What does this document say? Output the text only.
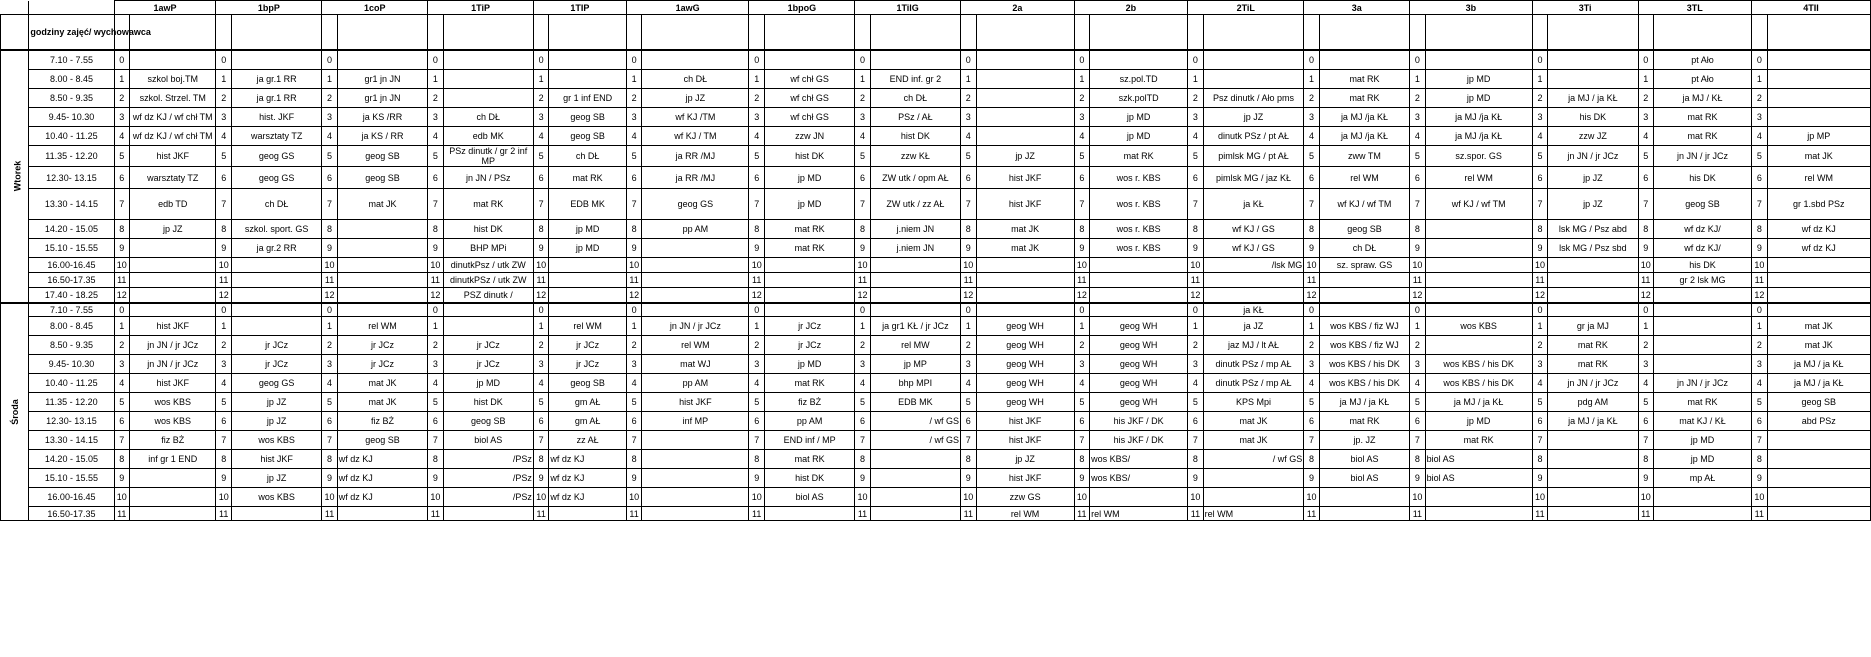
		1awP		1bpP		1coP		1TiP		1TIP		1awG		1bpoG		1TilG		2a		2b		2TiL		3a		3b		3Ti		3TL		4TII	
	godziny zajęć/ wychowawca																																
Wtorek	7.10 - 7.55	0		0		0		0		0		0		0		0		0		0		0		0		0		0		0	pt Ało	0	
	8.00 - 8.45	1	szkol boj.TM	1	ja gr.1 RR	1	gr1 jn JN	1		1		1	ch DŁ	1	wf chł GS	1	END inf. gr 2	1		1	sz.pol.TD	1		1	mat RK	1	jp MD	1		1	pt Ało	1	
	8.50 - 9.35	2	szkol. Strzel. TM	2	ja gr.1 RR	2	gr1 jn JN	2		2	gr 1 inf END	2	jp JZ	2	wf chł GS	2	ch DŁ	2		2	szk.polTD	2	Psz dinutk / Ało pms	2	mat RK	2	jp MD	2	ja MJ / ja KŁ	2	ja MJ / KŁ	2	
	9.45- 10.30	3	wf dz KJ / wf chł TM	3	hist. JKF	3	ja KS /RR	3	ch DŁ	3	geog SB	3	wf KJ /TM	3	wf chł GS	3	PSz / AŁ	3		3	jp MD	3	jp JZ	3	ja MJ /ja KŁ	3	ja MJ /ja KŁ	3	his DK	3	mat RK	3	
	10.40 - 11.25	4	wf dz KJ / wf chł TM	4	warsztaty TZ	4	ja KS / RR	4	edb MK	4	geog SB	4	wf KJ / TM	4	zzw JN	4	hist DK	4		4	jp MD	4	dinutk PSz / pt AŁ	4	ja MJ /ja KŁ	4	ja MJ /ja KŁ	4	zzw JZ	4	mat RK	4	jp MP
	11.35 - 12.20	5	hist JKF	5	geog GS	5	geog SB	5	PSz dinutk / gr 2 inf MP	5	ch DŁ	5	ja RR /MJ	5	hist DK	5	zzw KŁ	5	jp JZ	5	mat RK	5	pimlsk MG / pt AŁ	5	zww TM	5	sz.spor. GS	5	jn JN / jr JCz	5	jn JN / jr JCz	5	mat JK
	12.30- 13.15	6	warsztaty TZ	6	geog GS	6	geog SB	6	jn JN / PSz	6	mat RK	6	ja RR /MJ	6	jp MD	6	ZW utk / opm AŁ	6	hist JKF	6	wos r. KBS	6	pimlsk MG / jaz KŁ	6	rel WM	6	rel WM	6	jp JZ	6	his DK	6	rel WM
	13.30 - 14.15	7	edb TD	7	ch DŁ	7	mat JK	7	mat RK	7	EDB MK	7	geog GS	7	jp MD	7	ZW utk / zz AŁ	7	hist JKF	7	wos r. KBS	7	ja KŁ	7	wf KJ / wf TM	7	wf KJ / wf TM	7	jp JZ	7	geog SB	7	gr 1.sbd PSz
	14.20 - 15.05	8	jp JZ	8	szkol. sport. GS	8		8	hist DK	8	jp MD	8	pp AM	8	mat RK	8	j.niem JN	8	mat JK	8	wos r. KBS	8	wf KJ / GS	8	geog SB	8		8	lsk MG / Psz abd	8	wf dz KJ/	8	wf dz KJ
	15.10 - 15.55	9		9	ja gr.2 RR	9		9	BHP MPi	9	jp MD	9		9	mat RK	9	j.niem JN	9	mat JK	9	wos r. KBS	9	wf KJ / GS	9	ch DŁ	9		9	lsk MG / Psz sbd	9	wf dz KJ/	9	wf dz KJ
	16.00-16.45	10		10		10		10	dinutkPsz / utk ZW	10		10		10		10		10		10		10	/lsk MG	10	sz. spraw. GS	10		10		10	his DK	10	
	16.50-17.35	11		11		11		11	dinutkPSz / utk ZW	11		11		11		11		11		11		11		11		11		11		11	gr 2 lsk MG	11	
	17.40 - 18.25	12		12		12		12	PSZ dinutk /	12		12		12		12		12		12		12		12		12		12		12		12	
Środa	7.10 - 7.55	0		0		0		0		0		0		0		0		0		0		0	ja KŁ	0		0		0		0		0	
	8.00 - 8.45	1	hist JKF	1		1	rel WM	1		1	rel WM	1	jn JN / jr JCz	1	jr JCz	1	ja gr1 KŁ / jr JCz	1	geog WH	1	geog WH	1	ja JZ	1	wos KBS / fiz WJ	1	wos KBS	1	gr ja MJ	1		1	mat JK
	8.50 - 9.35	2	jn JN / jr JCz	2	jr JCz	2	jr JCz	2	jr JCz	2	jr JCz	2	rel WM	2	jr JCz	2	rel MW	2	geog WH	2	geog WH	2	jaz MJ / lt AŁ	2	wos KBS / fiz WJ	2		2	mat RK	2		2	mat JK
	9.45- 10.30	3	jn JN / jr JCz	3	jr JCz	3	jr JCz	3	jr JCz	3	jr JCz	3	mat WJ	3	jp MD	3	jp MP	3	geog WH	3	geog WH	3	dinutk PSz / mp AŁ	3	wos KBS / his DK	3	wos KBS / his DK	3	mat RK	3		3	ja MJ / ja KŁ
	10.40 - 11.25	4	hist JKF	4	geog GS	4	mat JK	4	jp MD	4	geog SB	4	pp AM	4	mat RK	4	bhp MPI	4	geog WH	4	geog WH	4	dinutk PSz / mp AŁ	4	wos KBS / his DK	4	wos KBS / his DK	4	jn JN / jr JCz	4	jn JN / jr JCz	4	ja MJ / ja KŁ
	11.35 - 12.20	5	wos KBS	5	jp JZ	5	mat JK	5	hist DK	5	gm AŁ	5	hist JKF	5	fiz BŻ	5	EDB MK	5	geog WH	5	geog WH	5	KPS Mpi	5	ja MJ / ja KŁ	5	ja MJ / ja KŁ	5	pdg AM	5	mat RK	5	geog SB
	12.30- 13.15	6	wos KBS	6	jp JZ	6	fiz BŻ	6	geog SB	6	gm AŁ	6	inf MP	6	pp AM	6	/ wf GS	6	hist JKF	6	his JKF / DK	6	mat JK	6	mat RK	6	jp MD	6	ja MJ / ja KŁ	6	mat KJ / KŁ	6	abd PSz
	13.30 - 14.15	7	fiz BŻ	7	wos KBS	7	geog SB	7	biol AS	7	zz AŁ	7		7	END inf / MP	7	/ wf GS	7	hist JKF	7	his JKF / DK	7	mat JK	7	jp. JZ	7	mat RK	7		7	jp MD	7	
	14.20 - 15.05	8	inf gr 1 END	8	hist JKF	8	wf dz KJ	8	/PSz	8	wf dz KJ	8		8	mat RK	8		8	jp JZ	8	wos KBS/	8	/ wf GS	8	biol AS	8	biol AS	8		8	jp MD	8	
	15.10 - 15.55	9		9	jp JZ	9	wf dz KJ	9	/PSz	9	wf dz KJ	9		9	hist DK	9		9	hist JKF	9	wos KBS/	9		9	biol AS	9	biol AS	9		9	mp AŁ	9	
	16.00-16.45	10		10	wos KBS	10	wf dz KJ	10	/PSz	10	wf dz KJ	10		10	biol AS	10		10	zzw GS	10		10		10		10		10		10		10	
	16.50-17.35	11		11		11		11		11		11		11		11		11	rel WM	11	rel WM	11	rel WM	11		11		11		11		11	
